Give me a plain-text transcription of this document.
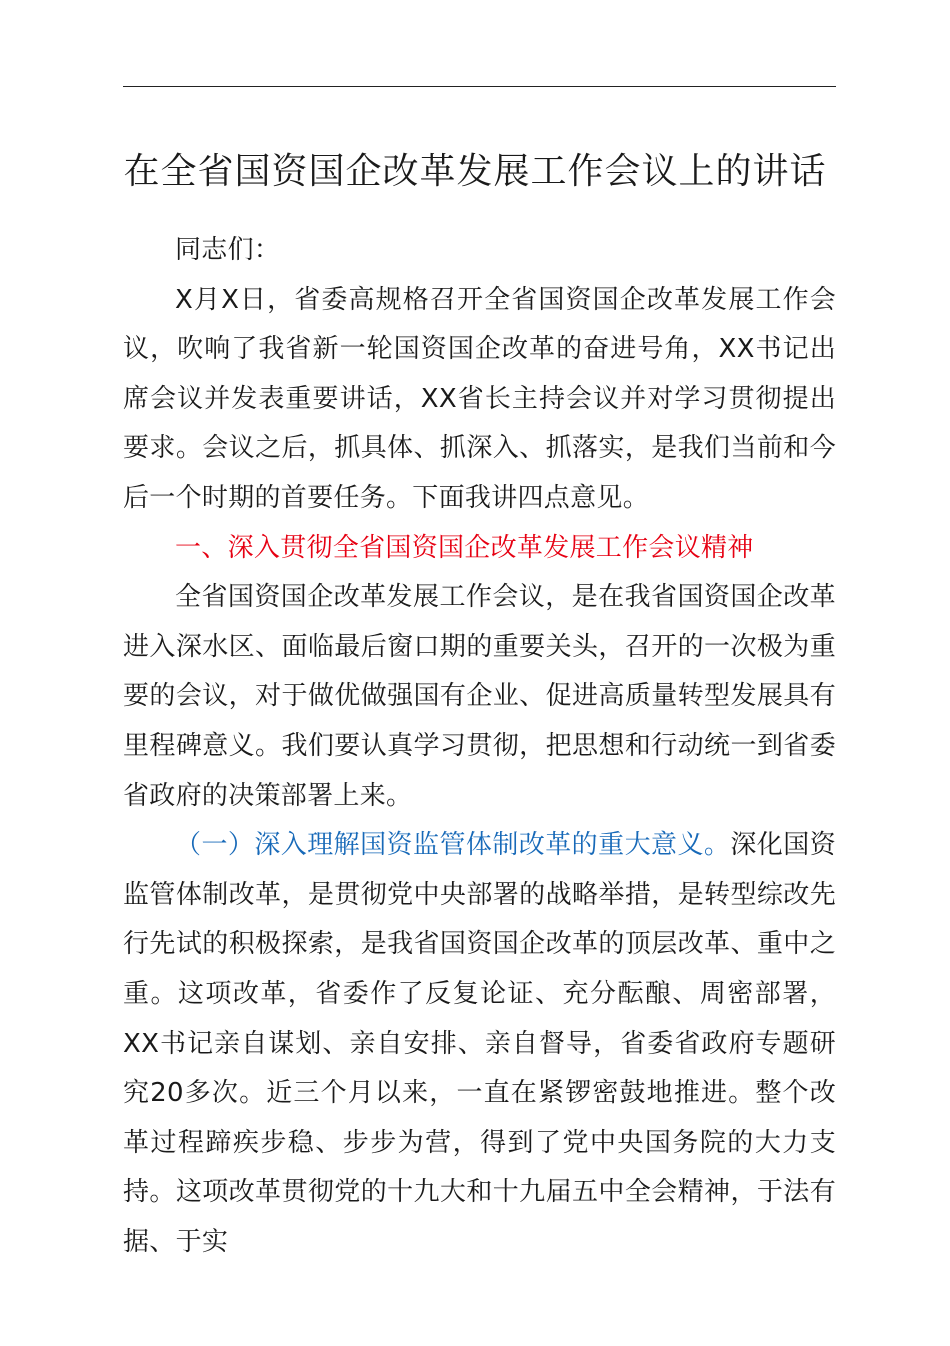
在全省国资国企改革发展工作会议上的讲话

同志们：

X月X日，省委高规格召开全省国资国企改革发展工作会议，吹响了我省新一轮国资国企改革的奋进号角，XX书记出席会议并发表重要讲话，XX省长主持会议并对学习贯彻提出要求。会议之后，抓具体、抓深入、抓落实，是我们当前和今后一个时期的首要任务。下面我讲四点意见。

一、深入贯彻全省国资国企改革发展工作会议精神

全省国资国企改革发展工作会议，是在我省国资国企改革进入深水区、面临最后窗口期的重要关头，召开的一次极为重要的会议，对于做优做强国有企业、促进高质量转型发展具有里程碑意义。我们要认真学习贯彻，把思想和行动统一到省委省政府的决策部署上来。

（一）深入理解国资监管体制改革的重大意义。深化国资监管体制改革，是贯彻党中央部署的战略举措，是转型综改先行先试的积极探索，是我省国资国企改革的顶层改革、重中之重。这项改革，省委作了反复论证、充分酝酿、周密部署，XX书记亲自谋划、亲自安排、亲自督导，省委省政府专题研究20多次。近三个月以来，一直在紧锣密鼓地推进。整个改革过程蹄疾步稳、步步为营，得到了党中央国务院的大力支持。这项改革贯彻党的十九大和十九届五中全会精神，于法有据、于实
